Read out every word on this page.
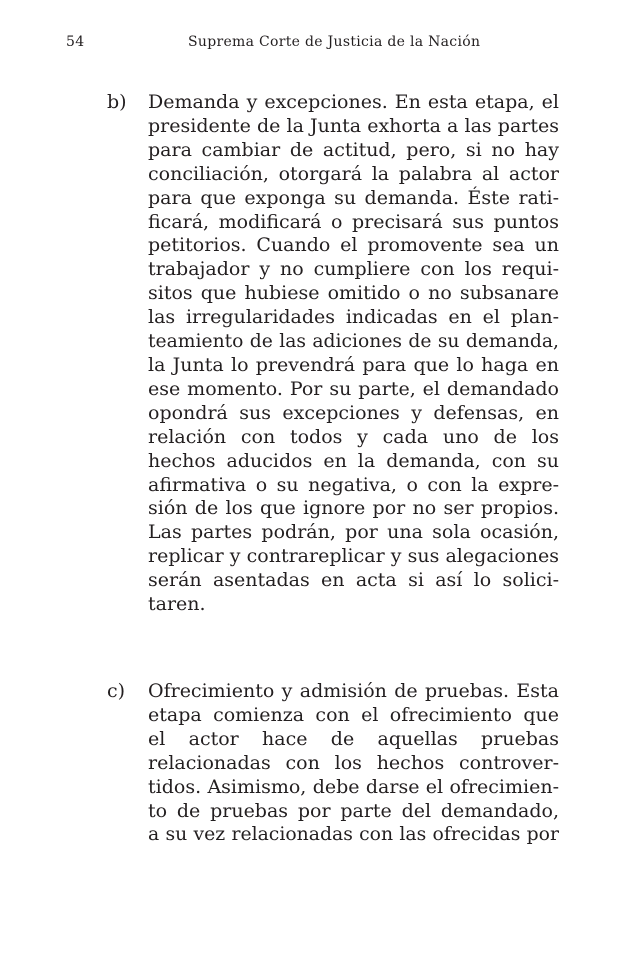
54	Suprema Corte de Justicia de la Nación
b) Demanda y excepciones. En esta etapa, el
presidente de la Junta exhorta a las partes
para cambiar de actitud, pero, si no hay
conciliación, otorgará la palabra al actor
para que exponga su demanda. Éste rati-
ficará, modificará o precisará sus puntos
petitorios. Cuando el promovente sea un
trabajador y no cumpliere con los requi-
sitos que hubiese omitido o no subsanare
las irregularidades indicadas en el plan-
teamiento de las adiciones de su demanda,
la Junta lo prevendrá para que lo haga en
ese momento. Por su parte, el demandado
opondrá sus excepciones y defensas, en
relación con todos y cada uno de los
hechos aducidos en la demanda, con su
afirmativa o su negativa, o con la expre-
sión de los que ignore por no ser propios.
Las partes podrán, por una sola ocasión,
replicar y contrareplicar y sus alegaciones
serán asentadas en acta si así lo solici-
taren.
c) Ofrecimiento y admisión de pruebas. Esta
etapa comienza con el ofrecimiento que
el actor hace de aquellas pruebas
relacionadas con los hechos controver-
tidos. Asimismo, debe darse el ofrecimien-
to de pruebas por parte del demandado,
a su vez relacionadas con las ofrecidas por
